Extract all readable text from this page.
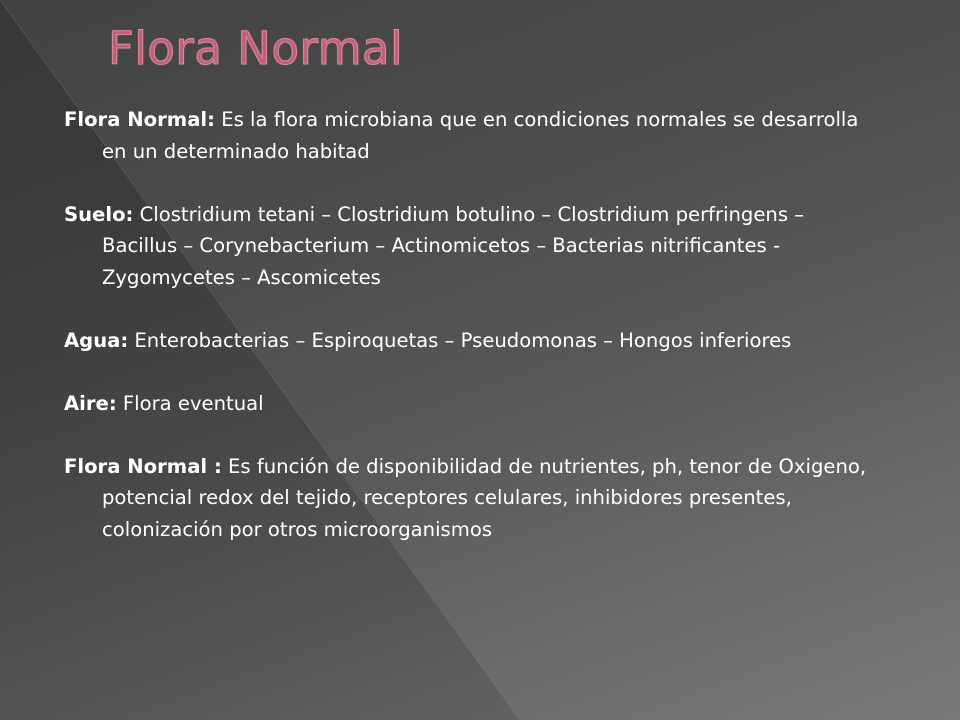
Flora Normal

Flora Normal: Es la flora microbiana que en condiciones normales se desarrolla en un determinado habitad

Suelo: Clostridium tetani – Clostridium botulino – Clostridium perfringens – Bacillus – Corynebacterium – Actinomicetos – Bacterias nitrificantes - Zygomycetes – Ascomicetes

Agua: Enterobacterias – Espiroquetas – Pseudomonas – Hongos inferiores

Aire: Flora eventual

Flora Normal : Es función de disponibilidad de nutrientes, ph, tenor de Oxigeno, potencial redox del tejido, receptores celulares, inhibidores presentes, colonización por otros microorganismos
